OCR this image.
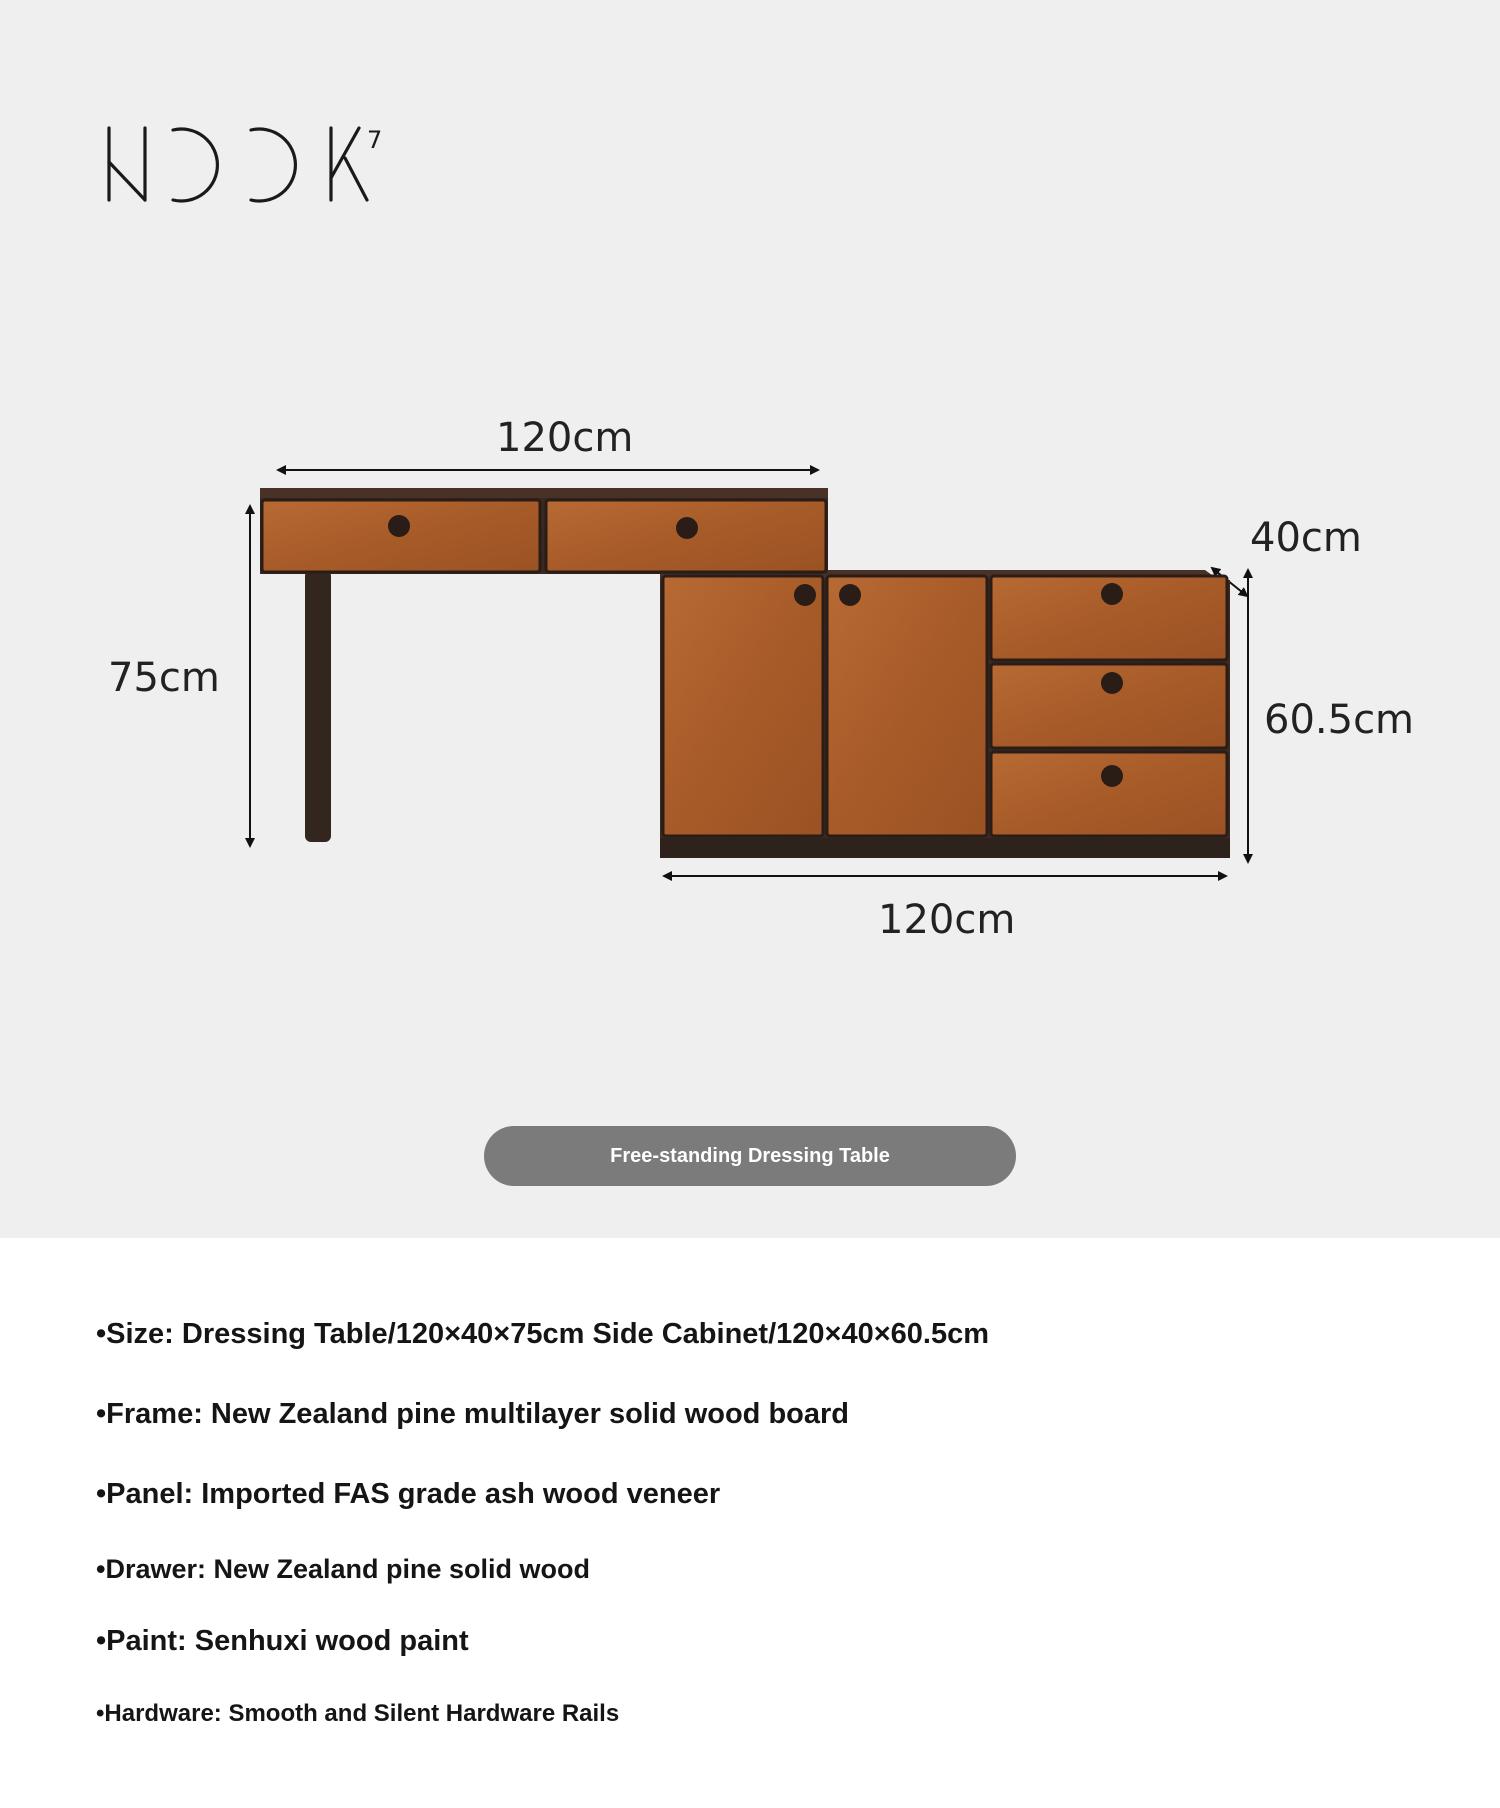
7
120cm
75cm
40cm
60.5cm
120cm
Free-standing Dressing Table
•Size: Dressing Table/120×40×75cm Side Cabinet/120×40×60.5cm
•Frame: New Zealand pine multilayer solid wood board
•Panel: Imported FAS grade ash wood veneer
•Drawer: New Zealand pine solid wood
•Paint: Senhuxi wood paint
•Hardware: Smooth and Silent Hardware Rails
